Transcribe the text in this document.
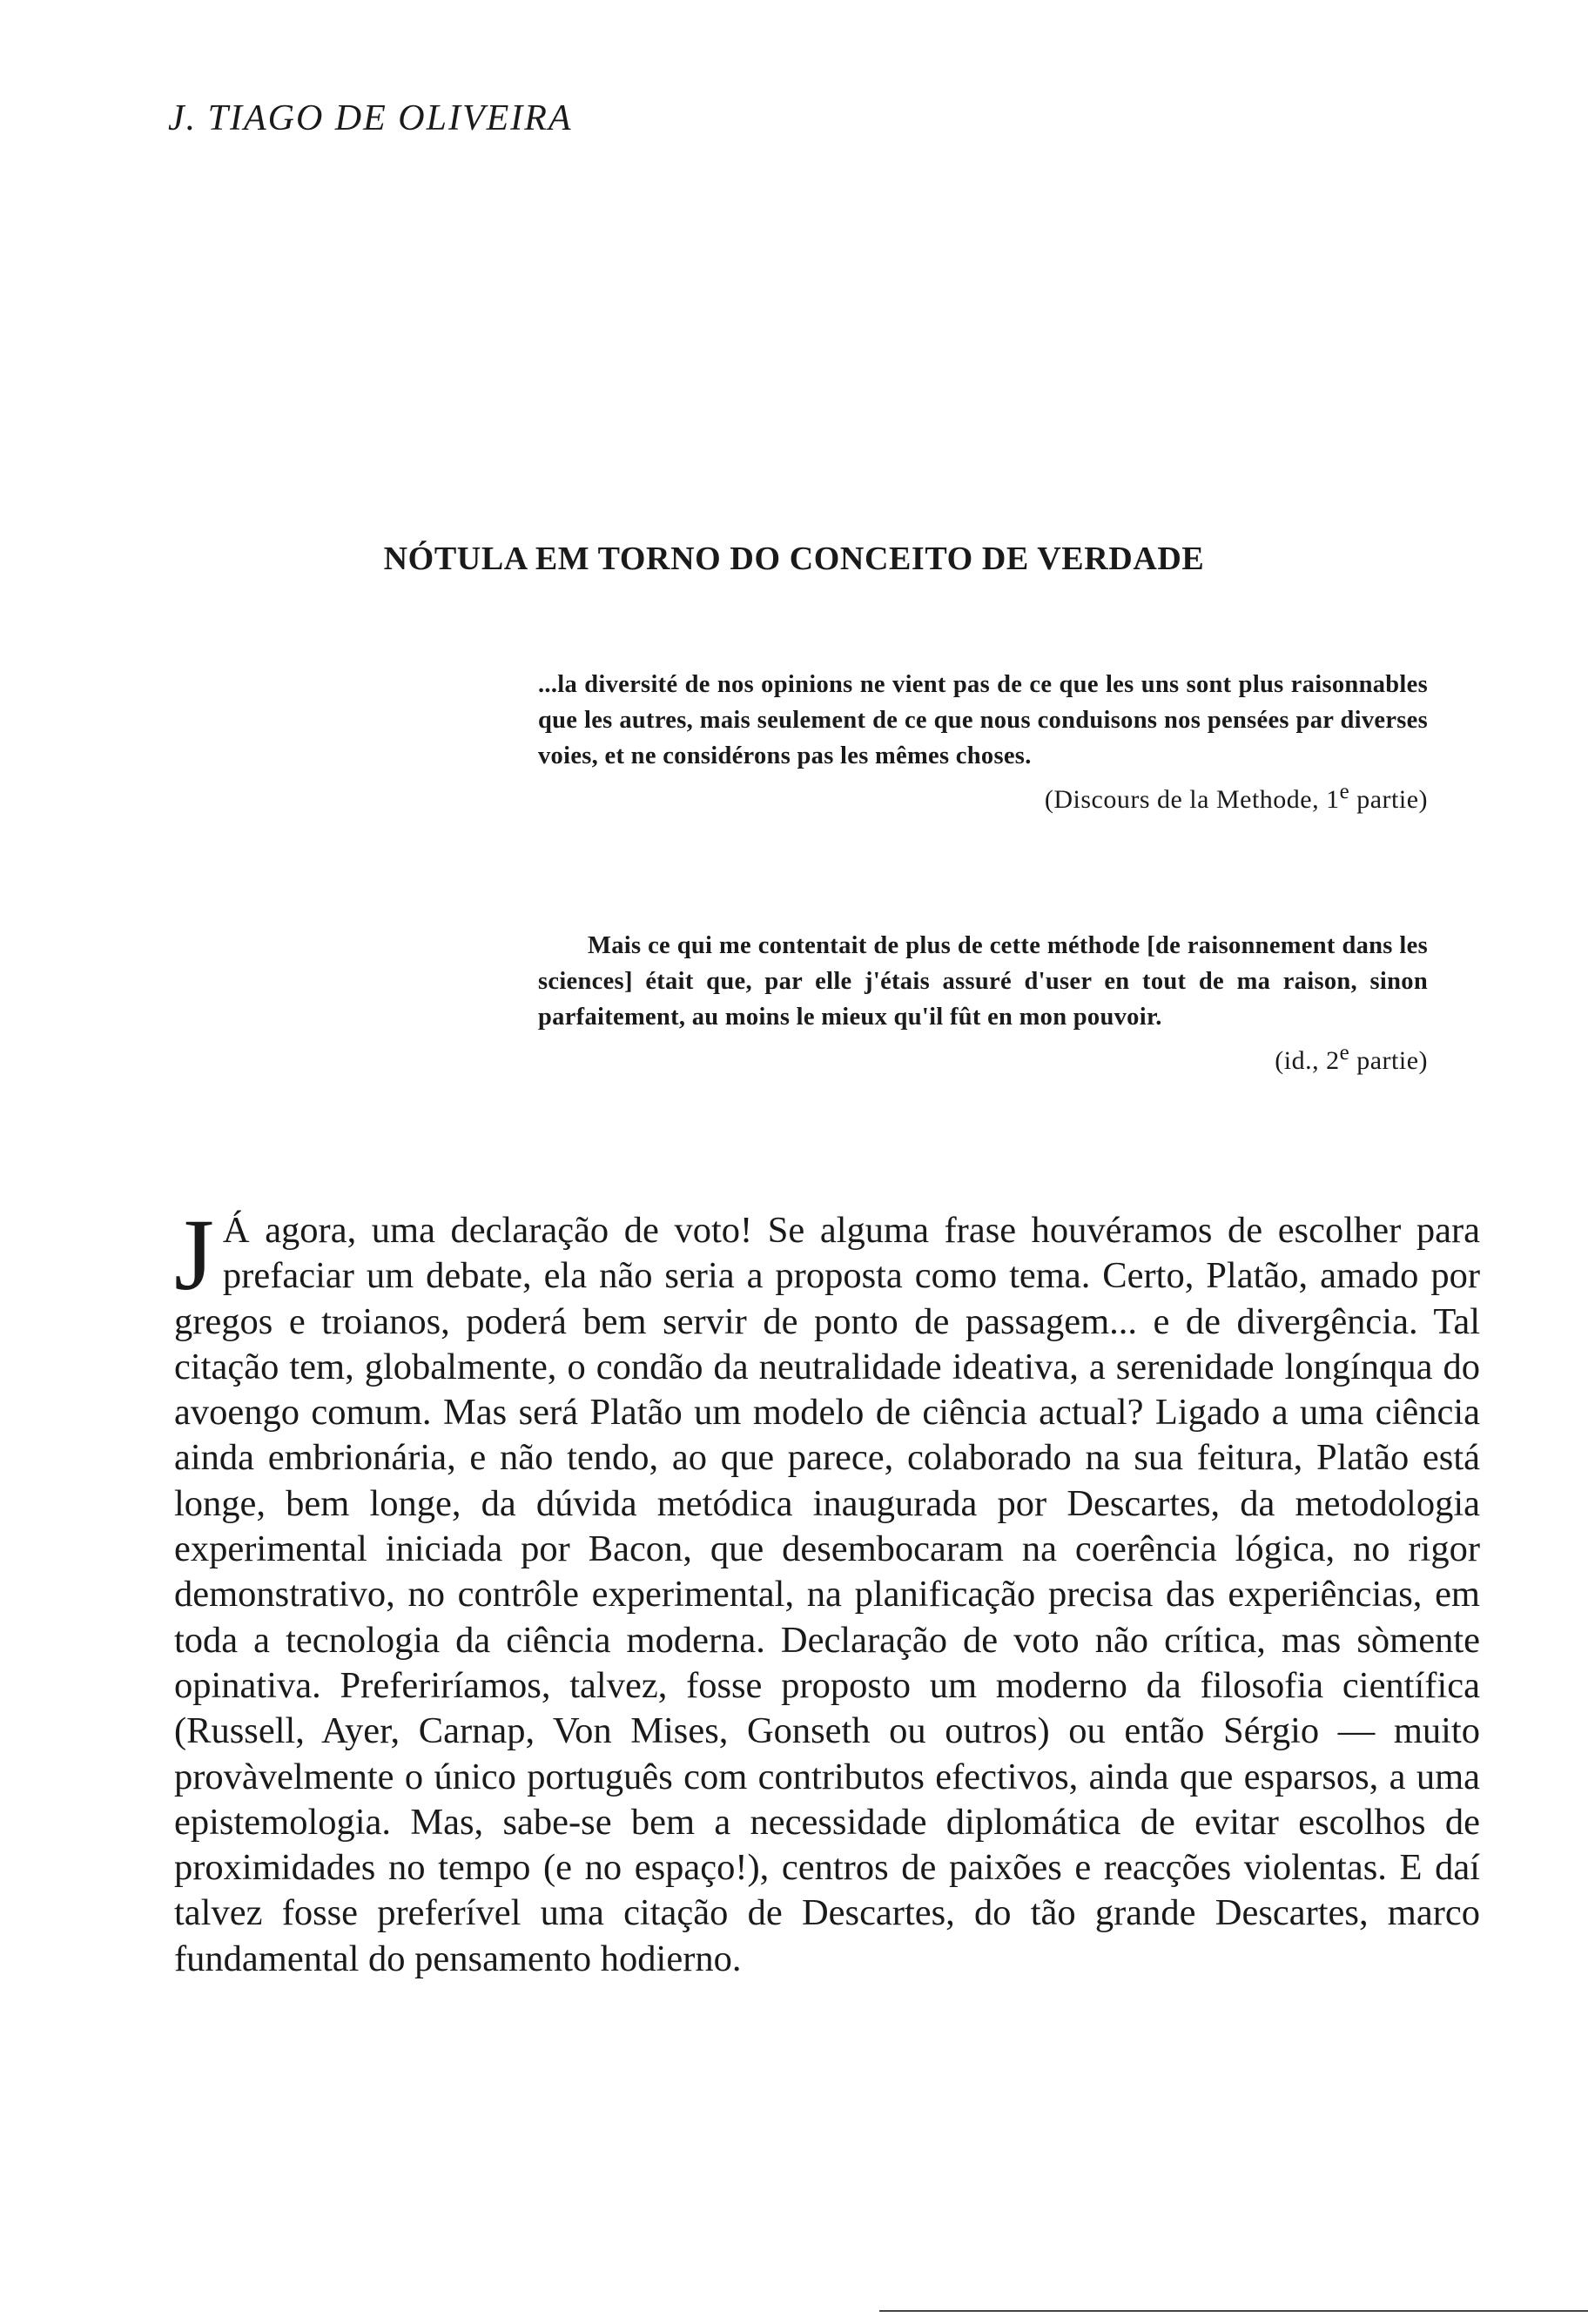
J. TIAGO DE OLIVEIRA
NÓTULA EM TORNO DO CONCEITO DE VERDADE

...la diversité de nos opinions ne vient pas de ce que les uns sont plus raisonnables que les autres, mais seulement de ce que nous conduisons nos pensées par diverses voies, et ne considérons pas les mêmes choses.

(Discours de la Methode, 1e partie)

Mais ce qui me contentait de plus de cette méthode [de raisonnement dans les sciences] était que, par elle j'étais assuré d'user en tout de ma raison, sinon parfaitement, au moins le mieux qu'il fût en mon pouvoir.

(id., 2e partie)

J Á agora, uma declaração de voto! Se alguma frase houvéramos de escolher para prefaciar um debate, ela não seria a proposta como tema. Certo, Platão, amado por gregos e troianos, poderá bem servir de ponto de passagem... e de divergência. Tal citação tem, globalmente, o condão da neutralidade ideativa, a serenidade longínqua do avoengo comum. Mas será Platão um modelo de ciência actual? Ligado a uma ciência ainda embrionária, e não tendo, ao que parece, colaborado na sua feitura, Platão está longe, bem longe, da dúvida metódica inaugurada por Descartes, da metodologia experimental iniciada por Bacon, que desembocaram na coerência lógica, no rigor demonstrativo, no contrôle experimental, na planificação precisa das experiências, em toda a tecnologia da ciência moderna. Declaração de voto não crítica, mas sòmente opinativa. Preferiríamos, talvez, fosse proposto um moderno da filosofia científica (Russell, Ayer, Carnap, Von Mises, Gonseth ou outros) ou então Sérgio — muito provàvelmente o único português com contributos efectivos, ainda que esparsos, a uma epistemologia. Mas, sabe-se bem a necessidade diplomática de evitar escolhos de proximidades no tempo (e no espaço!), centros de paixões e reacções violentas. E daí talvez fosse preferível uma citação de Descartes, do tão grande Descartes, marco fundamental do pensamento hodierno.
